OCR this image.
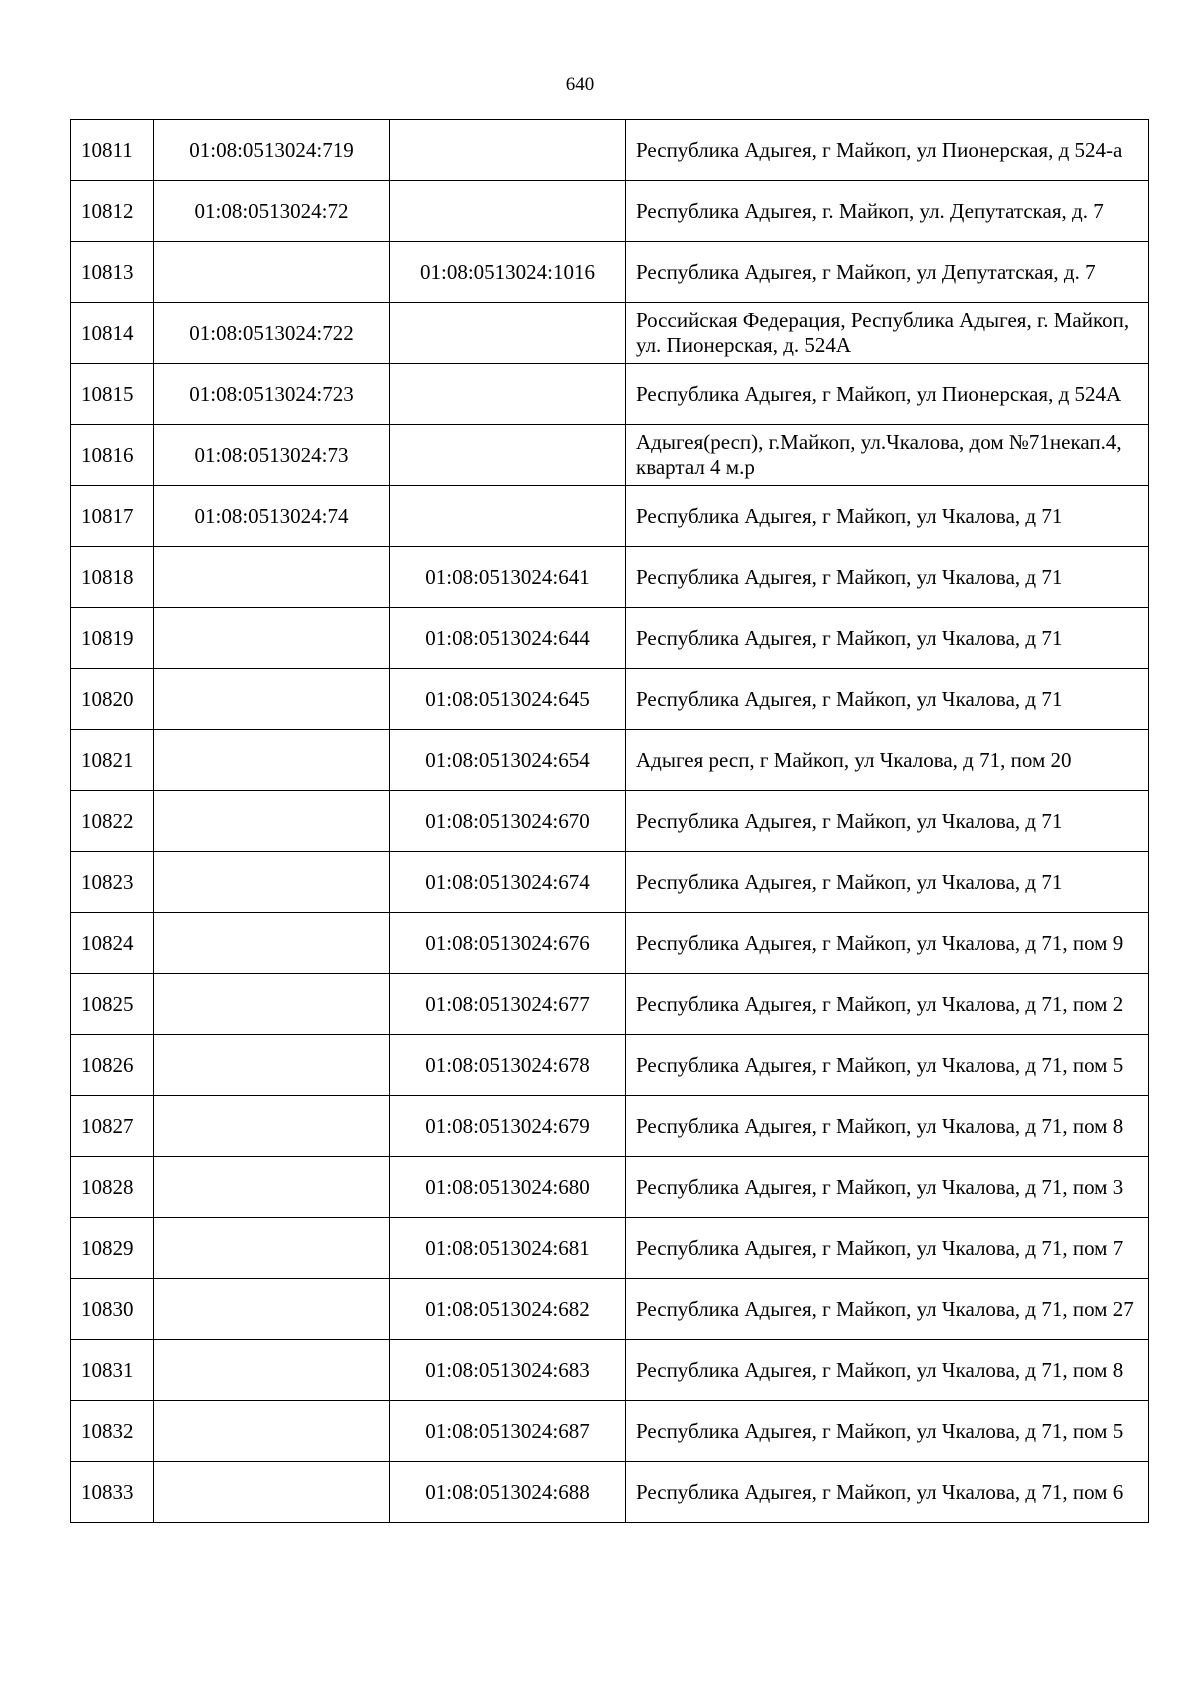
640
10811	01:08:0513024:719		Республика Адыгея, г Майкоп, ул Пионерская, д 524-а
10812	01:08:0513024:72		Республика Адыгея, г. Майкоп, ул. Депутатская, д. 7
10813		01:08:0513024:1016	Республика Адыгея, г Майкоп, ул Депутатская, д. 7
10814	01:08:0513024:722		Российская Федерация, Республика Адыгея, г. Майкоп, ул. Пионерская, д. 524А
10815	01:08:0513024:723		Республика Адыгея, г Майкоп, ул Пионерская, д 524А
10816	01:08:0513024:73		Адыгея(респ), г.Майкоп, ул.Чкалова, дом №71некап.4, квартал 4 м.р
10817	01:08:0513024:74		Республика Адыгея, г Майкоп, ул Чкалова, д 71
10818		01:08:0513024:641	Республика Адыгея, г Майкоп, ул Чкалова, д 71
10819		01:08:0513024:644	Республика Адыгея, г Майкоп, ул Чкалова, д 71
10820		01:08:0513024:645	Республика Адыгея, г Майкоп, ул Чкалова, д 71
10821		01:08:0513024:654	Адыгея респ, г Майкоп, ул Чкалова, д 71, пом 20
10822		01:08:0513024:670	Республика Адыгея, г Майкоп, ул Чкалова, д 71
10823		01:08:0513024:674	Республика Адыгея, г Майкоп, ул Чкалова, д 71
10824		01:08:0513024:676	Республика Адыгея, г Майкоп, ул Чкалова, д 71, пом 9
10825		01:08:0513024:677	Республика Адыгея, г Майкоп, ул Чкалова, д 71, пом 2
10826		01:08:0513024:678	Республика Адыгея, г Майкоп, ул Чкалова, д 71, пом 5
10827		01:08:0513024:679	Республика Адыгея, г Майкоп, ул Чкалова, д 71, пом 8
10828		01:08:0513024:680	Республика Адыгея, г Майкоп, ул Чкалова, д 71, пом 3
10829		01:08:0513024:681	Республика Адыгея, г Майкоп, ул Чкалова, д 71, пом 7
10830		01:08:0513024:682	Республика Адыгея, г Майкоп, ул Чкалова, д 71, пом 27
10831		01:08:0513024:683	Республика Адыгея, г Майкоп, ул Чкалова, д 71, пом 8
10832		01:08:0513024:687	Республика Адыгея, г Майкоп, ул Чкалова, д 71, пом 5
10833		01:08:0513024:688	Республика Адыгея, г Майкоп, ул Чкалова, д 71, пом 6
